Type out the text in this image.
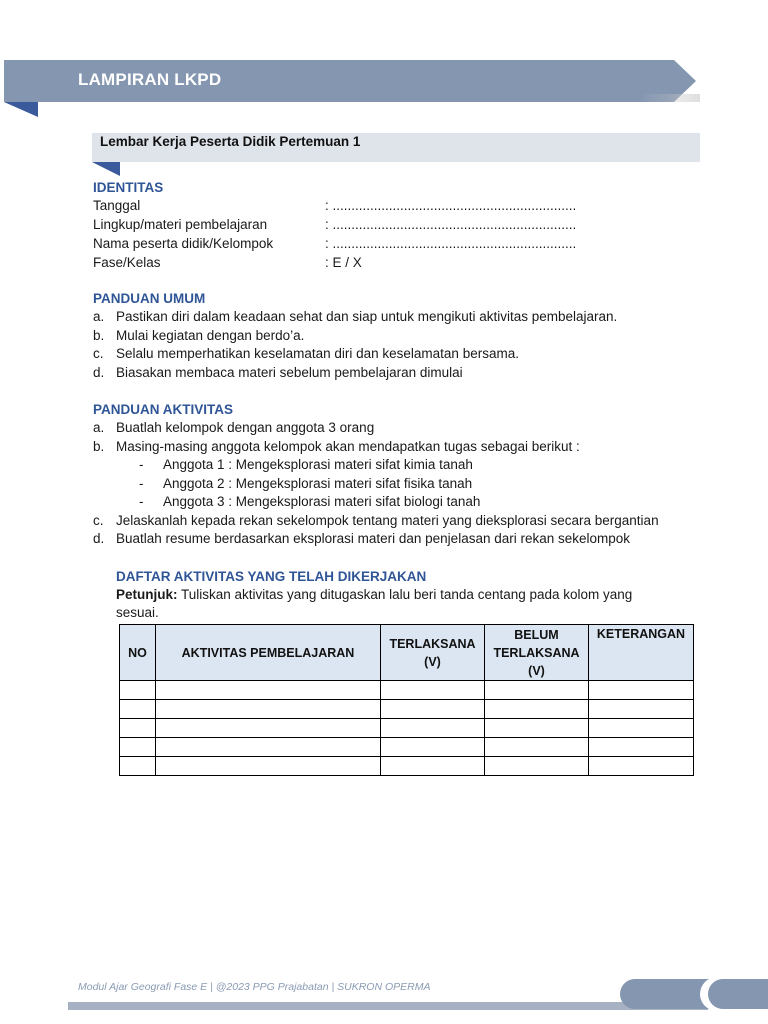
LAMPIRAN LKPD
Lembar Kerja Peserta Didik Pertemuan 1
IDENTITAS
Tanggal	: .................................................................
Lingkup/materi pembelajaran	: .................................................................
Nama peserta didik/Kelompok	: .................................................................
Fase/Kelas	: E / X
PANDUAN UMUM
a. Pastikan diri dalam keadaan sehat dan siap untuk mengikuti aktivitas pembelajaran.
b. Mulai kegiatan dengan berdo’a.
c. Selalu memperhatikan keselamatan diri dan keselamatan bersama.
d. Biasakan membaca materi sebelum pembelajaran dimulai
PANDUAN AKTIVITAS
a. Buatlah kelompok dengan anggota 3 orang
b. Masing-masing anggota kelompok akan mendapatkan tugas sebagai berikut :
- Anggota 1 : Mengeksplorasi materi sifat kimia tanah
- Anggota 2 : Mengeksplorasi materi sifat fisika tanah
- Anggota 3 : Mengeksplorasi materi sifat biologi tanah
c. Jelaskanlah kepada rekan sekelompok tentang materi yang dieksplorasi secara bergantian
d. Buatlah resume berdasarkan eksplorasi materi dan penjelasan dari rekan sekelompok
DAFTAR AKTIVITAS YANG TELAH DIKERJAKAN
Petunjuk: Tuliskan aktivitas yang ditugaskan lalu beri tanda centang pada kolom yang
sesuai.
NO	AKTIVITAS PEMBELAJARAN	TERLAKSANA (V)	BELUM TERLAKSANA (V)	KETERANGAN

Modul Ajar Geografi Fase E | @2023 PPG Prajabatan | SUKRON OPERMA
